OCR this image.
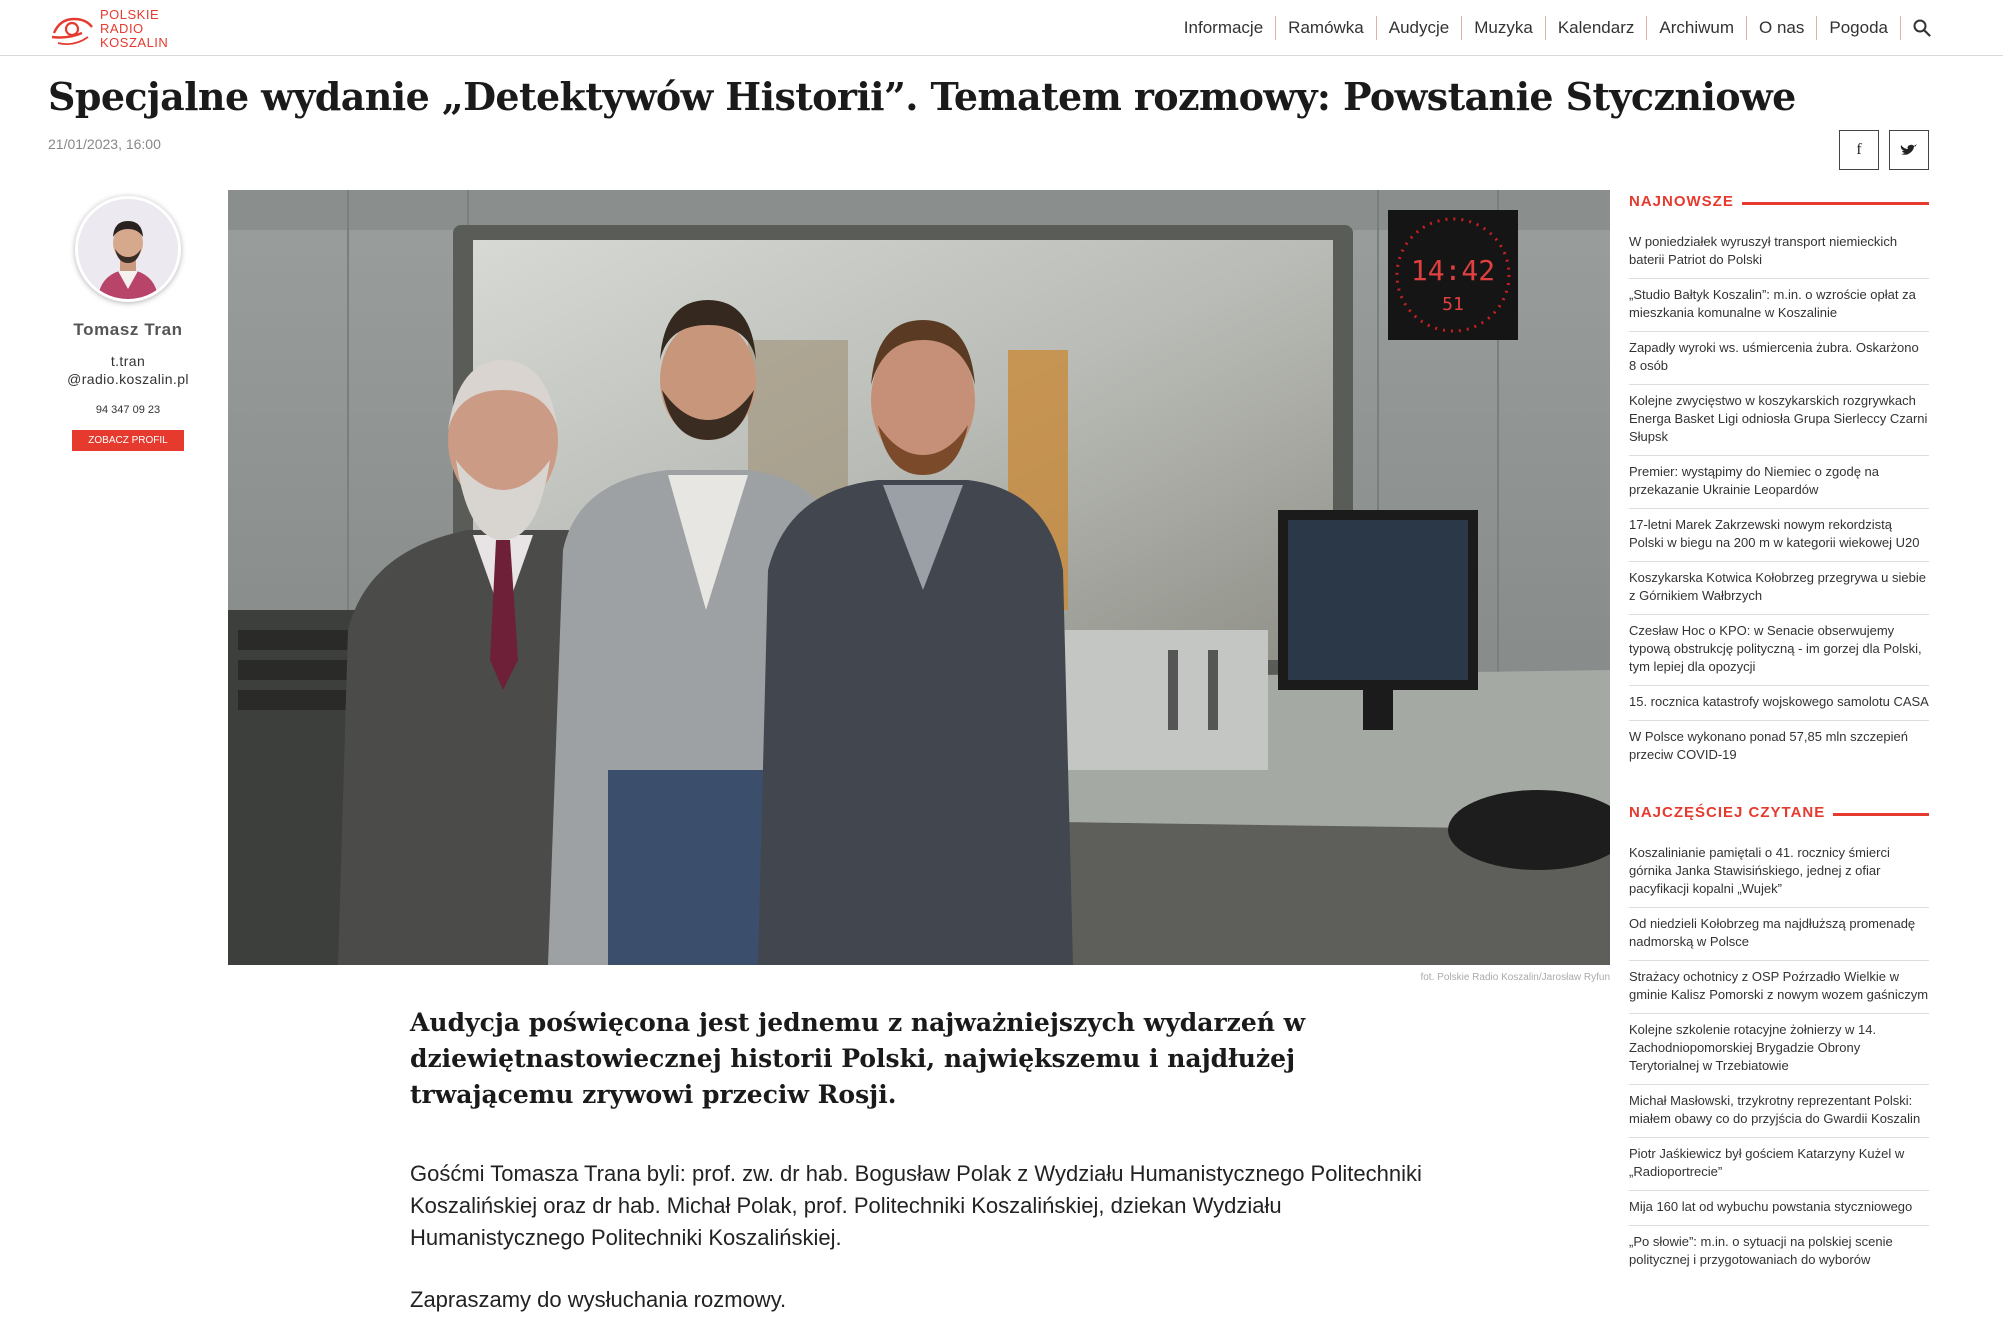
POLSKIE
RADIO
KOSZALIN
Informacje	Ramówka	Audycje	Muzyka	Kalendarz	Archiwum	O nas	Pogoda
Specjalne wydanie „Detektywów Historii”. Tematem rozmowy: Powstanie Styczniowe
21/01/2023, 16:00	f
Tomasz Tran
t.tran
@radio.koszalin.pl
94 347 09 23
ZOBACZ PROFIL
14:42
51
fot. Polskie Radio Koszalin/Jarosław Ryfun
Audycja poświęcona jest jednemu z najważniejszych wydarzeń w dziewiętnastowiecznej historii Polski, największemu i najdłużej trwającemu zrywowi przeciw Rosji.

Gośćmi Tomasza Trana byli: prof. zw. dr hab. Bogusław Polak z Wydziału Humanistycznego Politechniki Koszalińskiej oraz dr hab. Michał Polak, prof. Politechniki Koszalińskiej, dziekan Wydziału Humanistycznego Politechniki Koszalińskiej.

Zapraszamy do wysłuchania rozmowy.

NAJNOWSZE
W poniedziałek wyruszył transport niemieckich baterii Patriot do Polski
„Studio Bałtyk Koszalin”: m.in. o wzroście opłat za mieszkania komunalne w Koszalinie
Zapadły wyroki ws. uśmiercenia żubra. Oskarżono 8 osób
Kolejne zwycięstwo w koszykarskich rozgrywkach Energa Basket Ligi odniosła Grupa Sierleccy Czarni Słupsk
Premier: wystąpimy do Niemiec o zgodę na przekazanie Ukrainie Leopardów
17-letni Marek Zakrzewski nowym rekordzistą Polski w biegu na 200 m w kategorii wiekowej U20
Koszykarska Kotwica Kołobrzeg przegrywa u siebie z Górnikiem Wałbrzych
Czesław Hoc o KPO: w Senacie obserwujemy typową obstrukcję polityczną - im gorzej dla Polski, tym lepiej dla opozycji
15. rocznica katastrofy wojskowego samolotu CASA
W Polsce wykonano ponad 57,85 mln szczepień przeciw COVID-19
NAJCZĘŚCIEJ CZYTANE
Koszalinianie pamiętali o 41. rocznicy śmierci górnika Janka Stawisińskiego, jednej z ofiar pacyfikacji kopalni „Wujek”
Od niedzieli Kołobrzeg ma najdłuższą promenadę nadmorską w Polsce
Strażacy ochotnicy z OSP Poźrzadło Wielkie w gminie Kalisz Pomorski z nowym wozem gaśniczym
Kolejne szkolenie rotacyjne żołnierzy w 14. Zachodniopomorskiej Brygadzie Obrony Terytorialnej w Trzebiatowie
Michał Masłowski, trzykrotny reprezentant Polski: miałem obawy co do przyjścia do Gwardii Koszalin
Piotr Jaśkiewicz był gościem Katarzyny Kużel w „Radioportrecie”
Mija 160 lat od wybuchu powstania styczniowego
„Po słowie”: m.in. o sytuacji na polskiej scenie politycznej i przygotowaniach do wyborów
